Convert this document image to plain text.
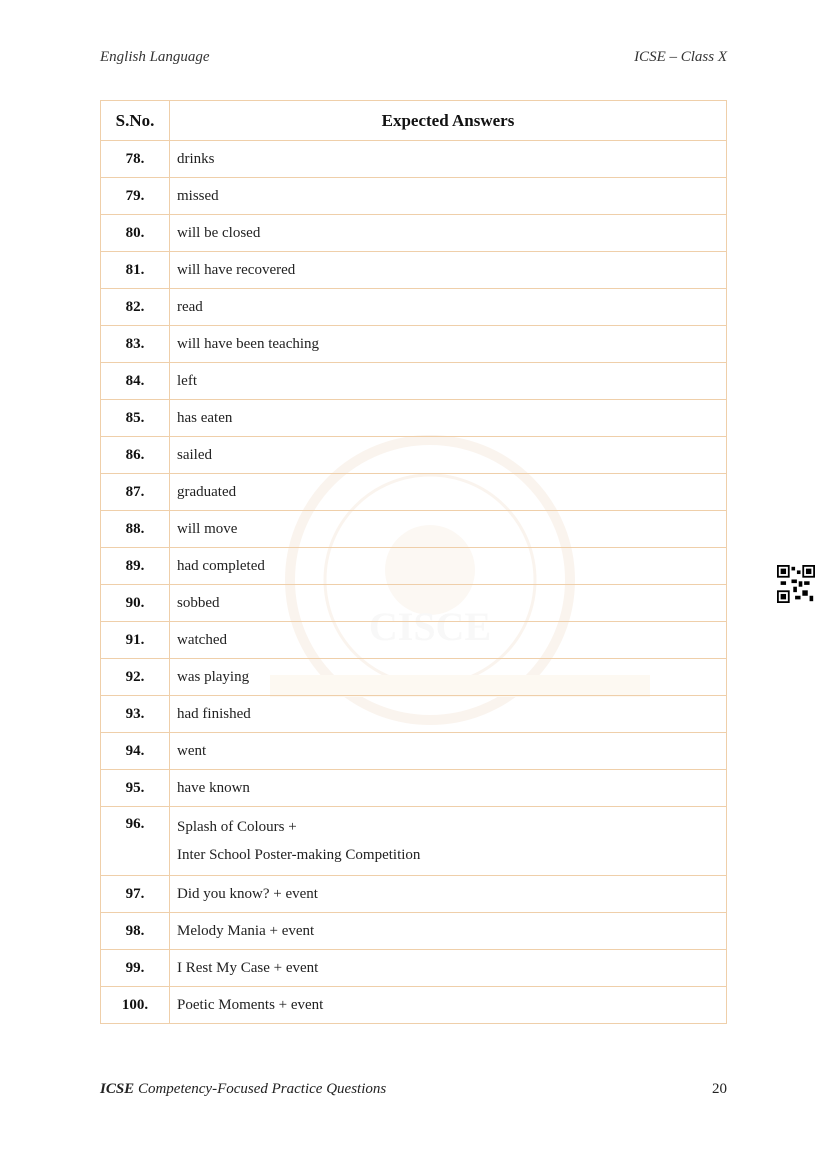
English Language	ICSE – Class X
CISCE
S.No.	Expected Answers
78.	drinks

79.	missed

80.	will be closed

81.	will have recovered

82.	read

83.	will have been teaching

84.	left

85.	has eaten

86.	sailed

87.	graduated

88.	will move

89.	had completed

90.	sobbed

91.	watched

92.	was playing

93.	had finished

94.	went

95.	have known

96.	Splash of Colours +
Inter School Poster-making Competition

97.	Did you know? + event

98.	Melody Mania + event

99.	I Rest My Case + event

100.	Poetic Moments + event
ICSE Competency-Focused Practice Questions	20
